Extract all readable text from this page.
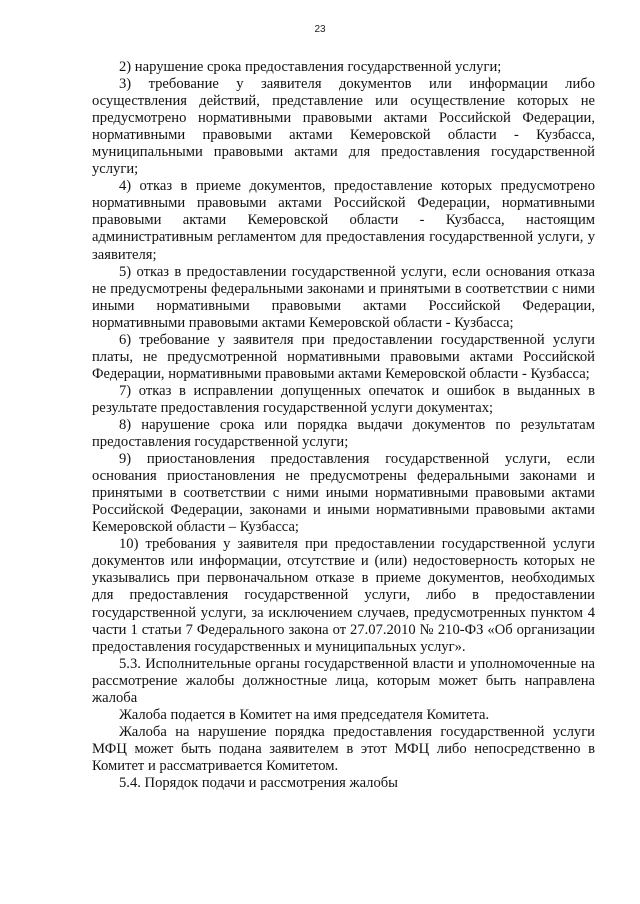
23

2) нарушение срока предоставления государственной услуги;

3) требование у заявителя документов или информации либо осуществления действий, представление или осуществление которых не предусмотрено нормативными правовыми актами Российской Федерации, нормативными правовыми актами Кемеровской области - Кузбасса, муниципальными правовыми актами для предоставления государственной услуги;

4) отказ в приеме документов, предоставление которых предусмотрено нормативными правовыми актами Российской Федерации, нормативными правовыми актами Кемеровской области - Кузбасса, настоящим административным регламентом для предоставления государственной услуги, у заявителя;

5) отказ в предоставлении государственной услуги, если основания отказа не предусмотрены федеральными законами и принятыми в соответствии с ними иными нормативными правовыми актами Российской Федерации, нормативными правовыми актами Кемеровской области - Кузбасса;

6) требование у заявителя при предоставлении государственной услуги платы, не предусмотренной нормативными правовыми актами Российской Федерации, нормативными правовыми актами Кемеровской области - Кузбасса;

7) отказ в исправлении допущенных опечаток и ошибок в выданных в результате предоставления государственной услуги документах;

8) нарушение срока или порядка выдачи документов по результатам предоставления государственной услуги;

9) приостановления предоставления государственной услуги, если основания приостановления не предусмотрены федеральными законами и принятыми в соответствии с ними иными нормативными правовыми актами Российской Федерации, законами и иными нормативными правовыми актами Кемеровской области – Кузбасса;

10) требования у заявителя при предоставлении государственной услуги документов или информации, отсутствие и (или) недостоверность которых не указывались при первоначальном отказе в приеме документов, необходимых для предоставления государственной услуги, либо в предоставлении государственной услуги, за исключением случаев, предусмотренных пунктом 4 части 1 статьи 7 Федерального закона от 27.07.2010 № 210-ФЗ «Об организации предоставления государственных и муниципальных услуг».

5.3. Исполнительные органы государственной власти и уполномоченные на рассмотрение жалобы должностные лица, которым может быть направлена жалоба

Жалоба подается в Комитет на имя председателя Комитета.

Жалоба на нарушение порядка предоставления государственной услуги МФЦ может быть подана заявителем в этот МФЦ либо непосредственно в Комитет и рассматривается Комитетом.

5.4. Порядок подачи и рассмотрения жалобы
